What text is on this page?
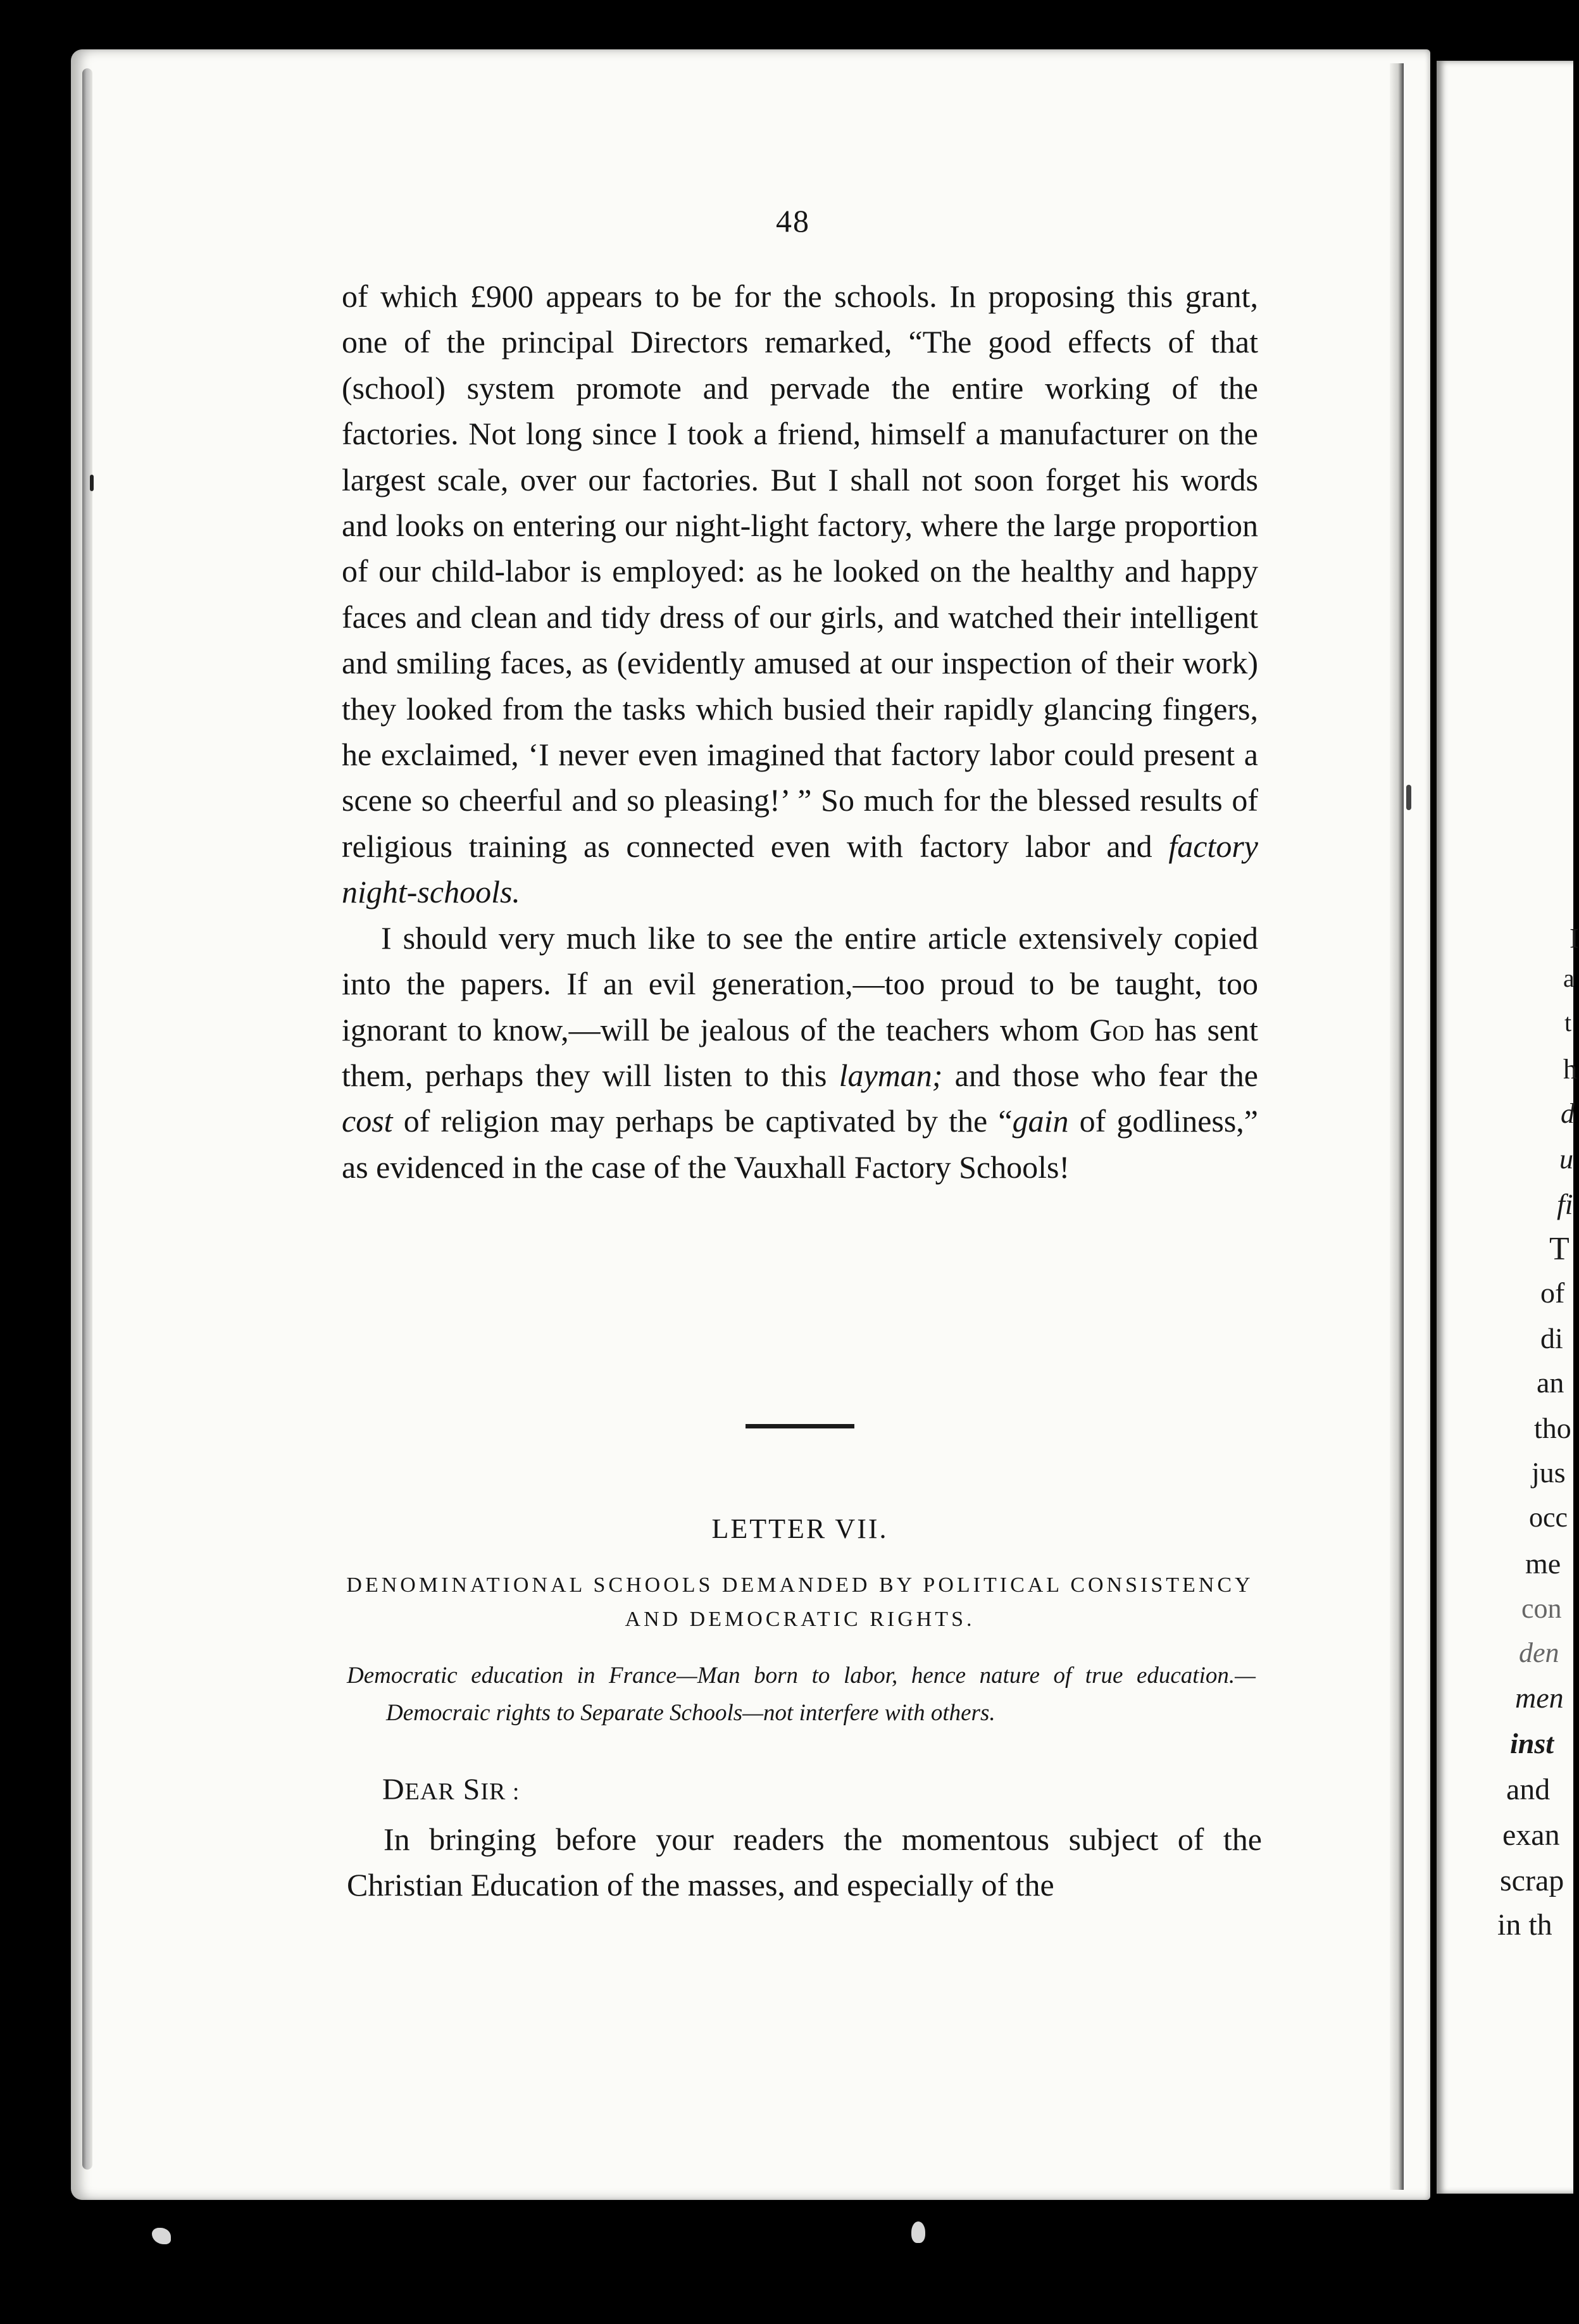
I
a
t
h
d
u
fi
T
of
di
an
tho
jus
occ
me
con
den
men
inst
and
exan
scrap
in th
48

of which £900 appears to be for the schools. In proposing this grant, one of the principal Directors remarked, “The good effects of that (school) system promote and pervade the entire working of the factories. Not long since I took a friend, himself a manufacturer on the largest scale, over our factories. But I shall not soon forget his words and looks on entering our night-light factory, where the large proportion of our child-labor is employed: as he looked on the healthy and happy faces and clean and tidy dress of our girls, and watched their intelligent and smiling faces, as (evidently amused at our inspection of their work) they looked from the tasks which busied their rapidly glancing fingers, he exclaimed, ‘I never even imagined that factory labor could present a scene so cheerful and so pleasing!’ ” So much for the blessed results of religious training as connected even with factory labor and factory night-schools.

I should very much like to see the entire article extensively copied into the papers. If an evil generation,—too proud to be taught, too ignorant to know,—will be jealous of the teachers whom God has sent them, perhaps they will listen to this layman; and those who fear the cost of religion may perhaps be captivated by the “gain of godliness,” as evidenced in the case of the Vauxhall Factory Schools!

LETTER VII.
DENOMINATIONAL SCHOOLS DEMANDED BY POLITICAL CONSISTENCY AND DEMOCRATIC RIGHTS.
Democratic education in France—Man born to labor, hence nature of true education.—Democraic rights to Separate Schools—not interfere with others.
DEAR SIR :
In bringing before your readers the momentous subject of the Christian Education of the masses, and especially of the
